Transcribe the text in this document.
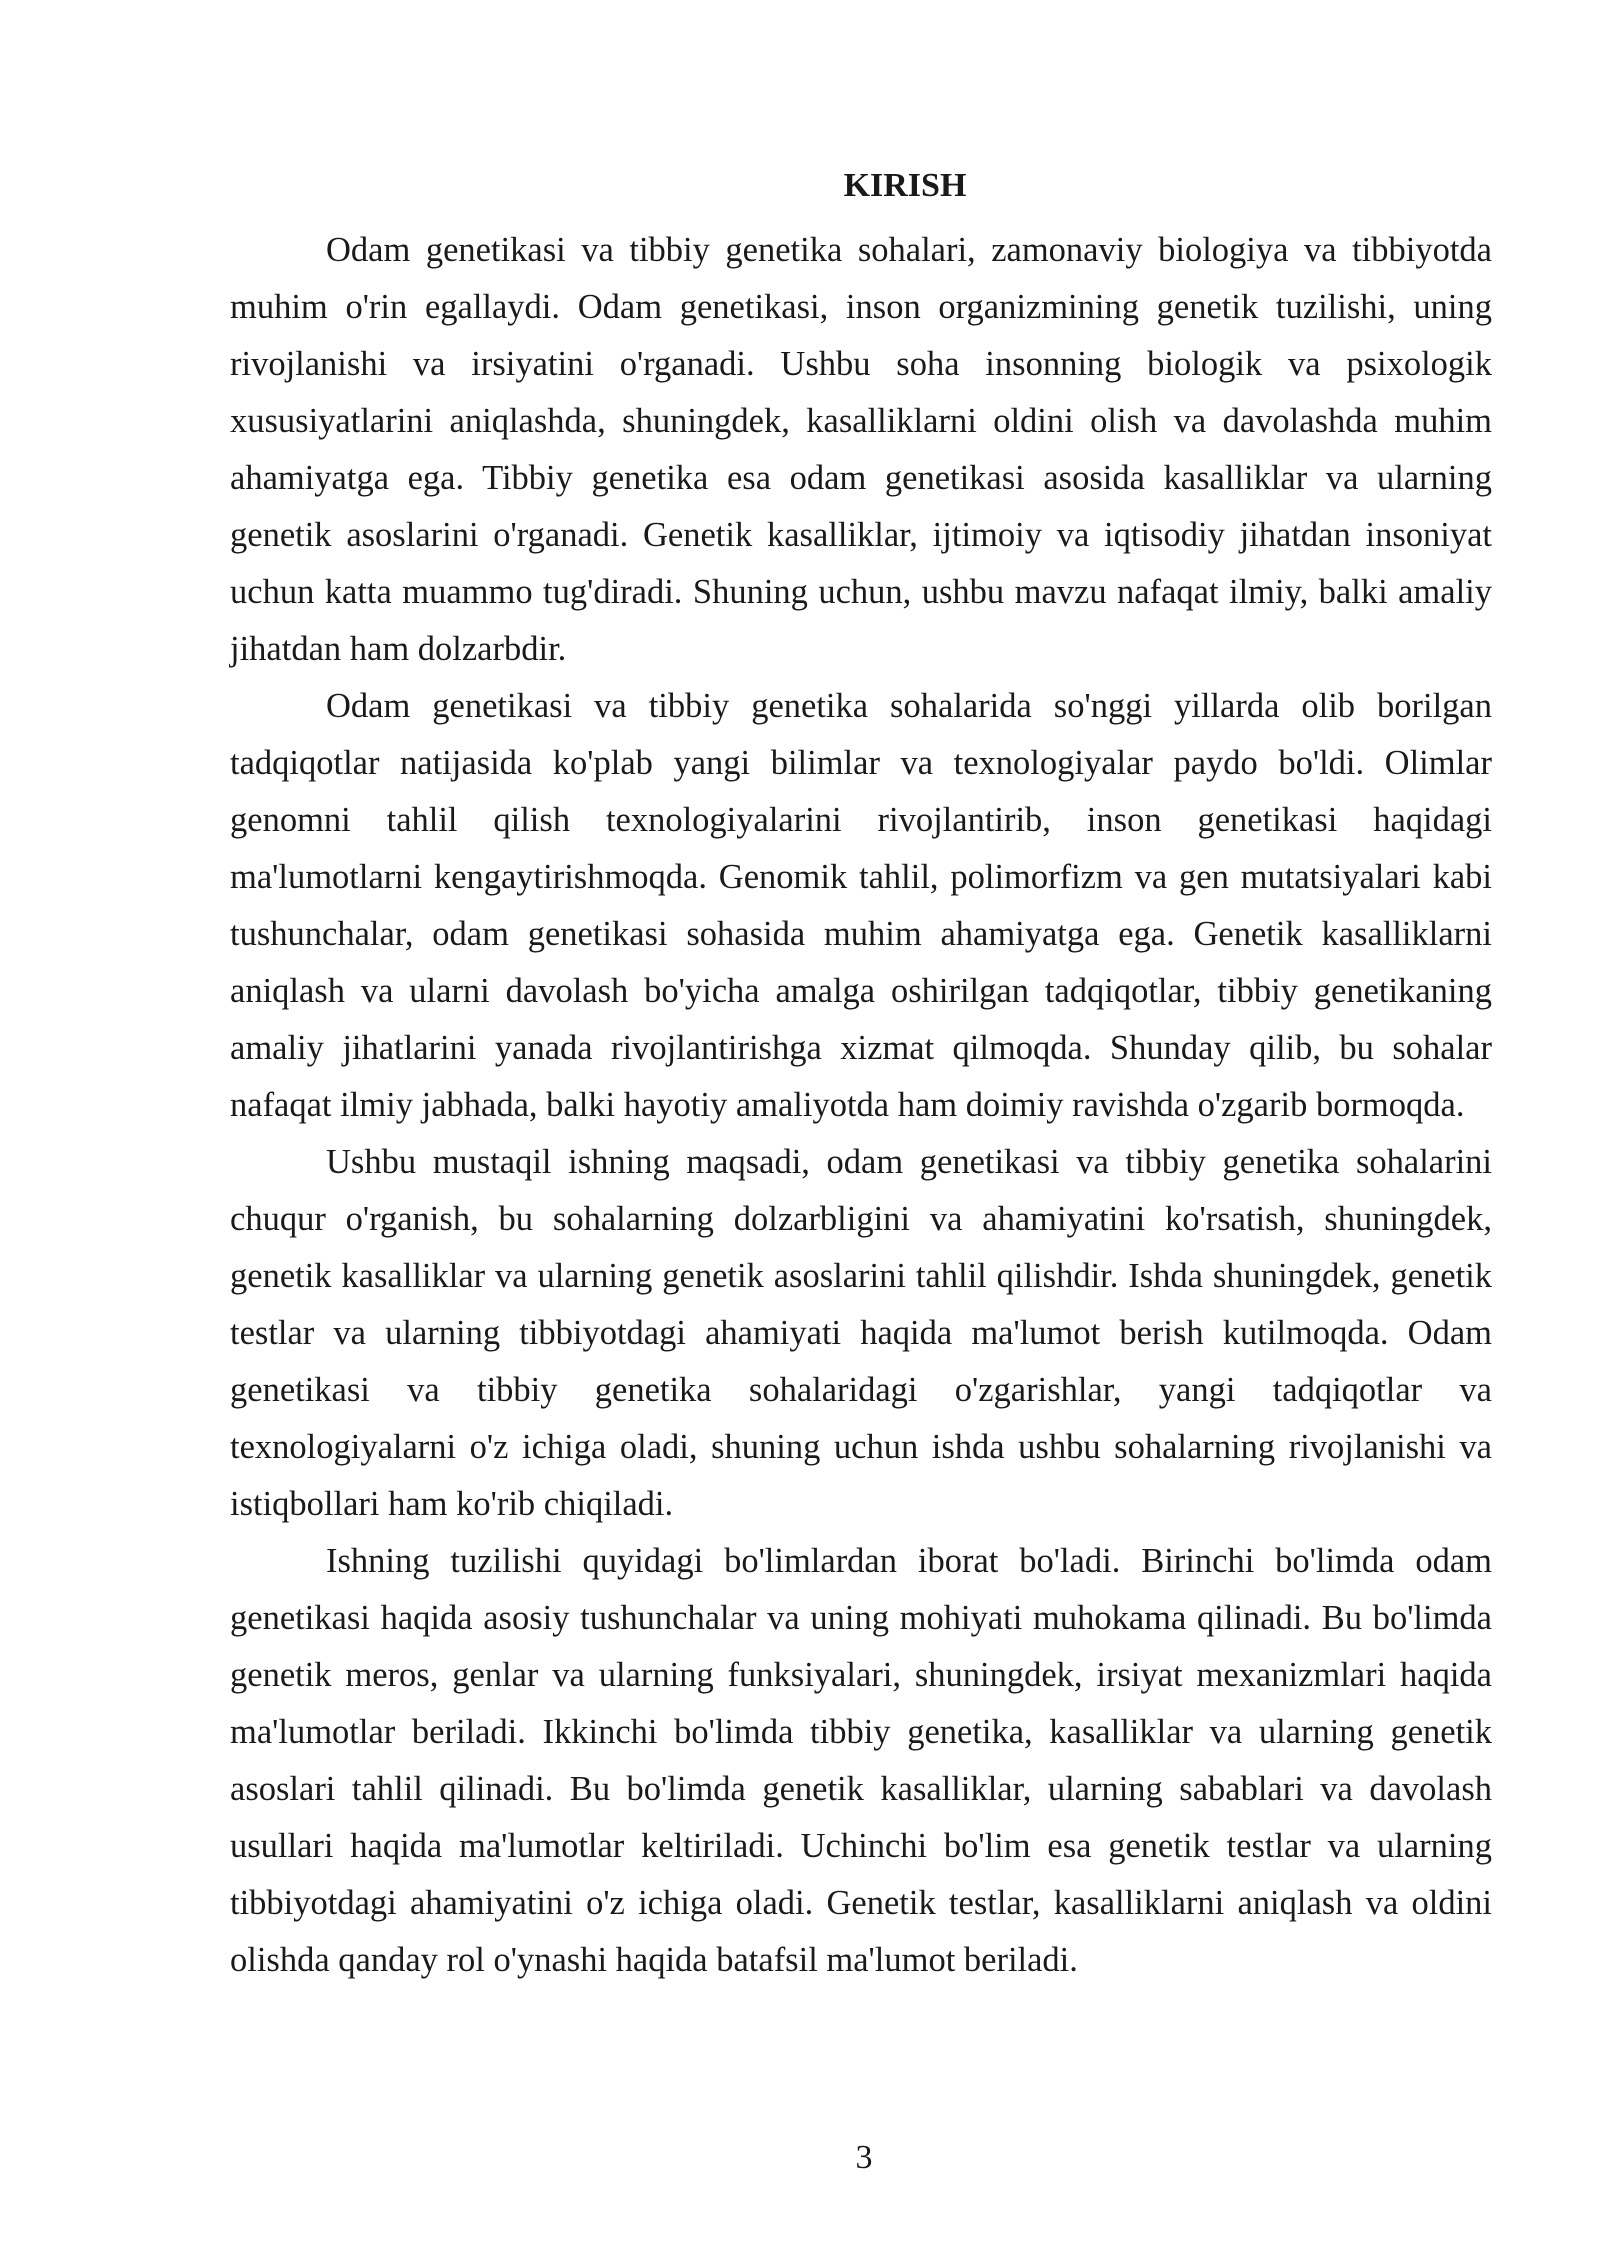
KIRISH

Odam genetikasi va tibbiy genetika sohalari, zamonaviy biologiya va tibbiyotda muhim o'rin egallaydi. Odam genetikasi, inson organizmining genetik tuzilishi, uning rivojlanishi va irsiyatini o'rganadi. Ushbu soha insonning biologik va psixologik xususiyatlarini aniqlashda, shuningdek, kasalliklarni oldini olish va davolashda muhim ahamiyatga ega. Tibbiy genetika esa odam genetikasi asosida kasalliklar va ularning genetik asoslarini o'rganadi. Genetik kasalliklar, ijtimoiy va iqtisodiy jihatdan insoniyat uchun katta muammo tug'diradi. Shuning uchun, ushbu mavzu nafaqat ilmiy, balki amaliy jihatdan ham dolzarbdir.

Odam genetikasi va tibbiy genetika sohalarida so'nggi yillarda olib borilgan tadqiqotlar natijasida ko'plab yangi bilimlar va texnologiyalar paydo bo'ldi. Olimlar genomni tahlil qilish texnologiyalarini rivojlantirib, inson genetikasi haqidagi ma'lumotlarni kengaytirishmoqda. Genomik tahlil, polimorfizm va gen mutatsiyalari kabi tushunchalar, odam genetikasi sohasida muhim ahamiyatga ega. Genetik kasalliklarni aniqlash va ularni davolash bo'yicha amalga oshirilgan tadqiqotlar, tibbiy genetikaning amaliy jihatlarini yanada rivojlantirishga xizmat qilmoqda. Shunday qilib, bu sohalar nafaqat ilmiy jabhada, balki hayotiy amaliyotda ham doimiy ravishda o'zgarib bormoqda.

Ushbu mustaqil ishning maqsadi, odam genetikasi va tibbiy genetika sohalarini chuqur o'rganish, bu sohalarning dolzarbligini va ahamiyatini ko'rsatish, shuningdek, genetik kasalliklar va ularning genetik asoslarini tahlil qilishdir. Ishda shuningdek, genetik testlar va ularning tibbiyotdagi ahamiyati haqida ma'lumot berish kutilmoqda. Odam genetikasi va tibbiy genetika sohalaridagi o'zgarishlar, yangi tadqiqotlar va texnologiyalarni o'z ichiga oladi, shuning uchun ishda ushbu sohalarning rivojlanishi va istiqbollari ham ko'rib chiqiladi.

Ishning tuzilishi quyidagi bo'limlardan iborat bo'ladi. Birinchi bo'limda odam genetikasi haqida asosiy tushunchalar va uning mohiyati muhokama qilinadi. Bu bo'limda genetik meros, genlar va ularning funksiyalari, shuningdek, irsiyat mexanizmlari haqida ma'lumotlar beriladi. Ikkinchi bo'limda tibbiy genetika, kasalliklar va ularning genetik asoslari tahlil qilinadi. Bu bo'limda genetik kasalliklar, ularning sabablari va davolash usullari haqida ma'lumotlar keltiriladi. Uchinchi bo'lim esa genetik testlar va ularning tibbiyotdagi ahamiyatini o'z ichiga oladi. Genetik testlar, kasalliklarni aniqlash va oldini olishda qanday rol o'ynashi haqida batafsil ma'lumot beriladi.

3
